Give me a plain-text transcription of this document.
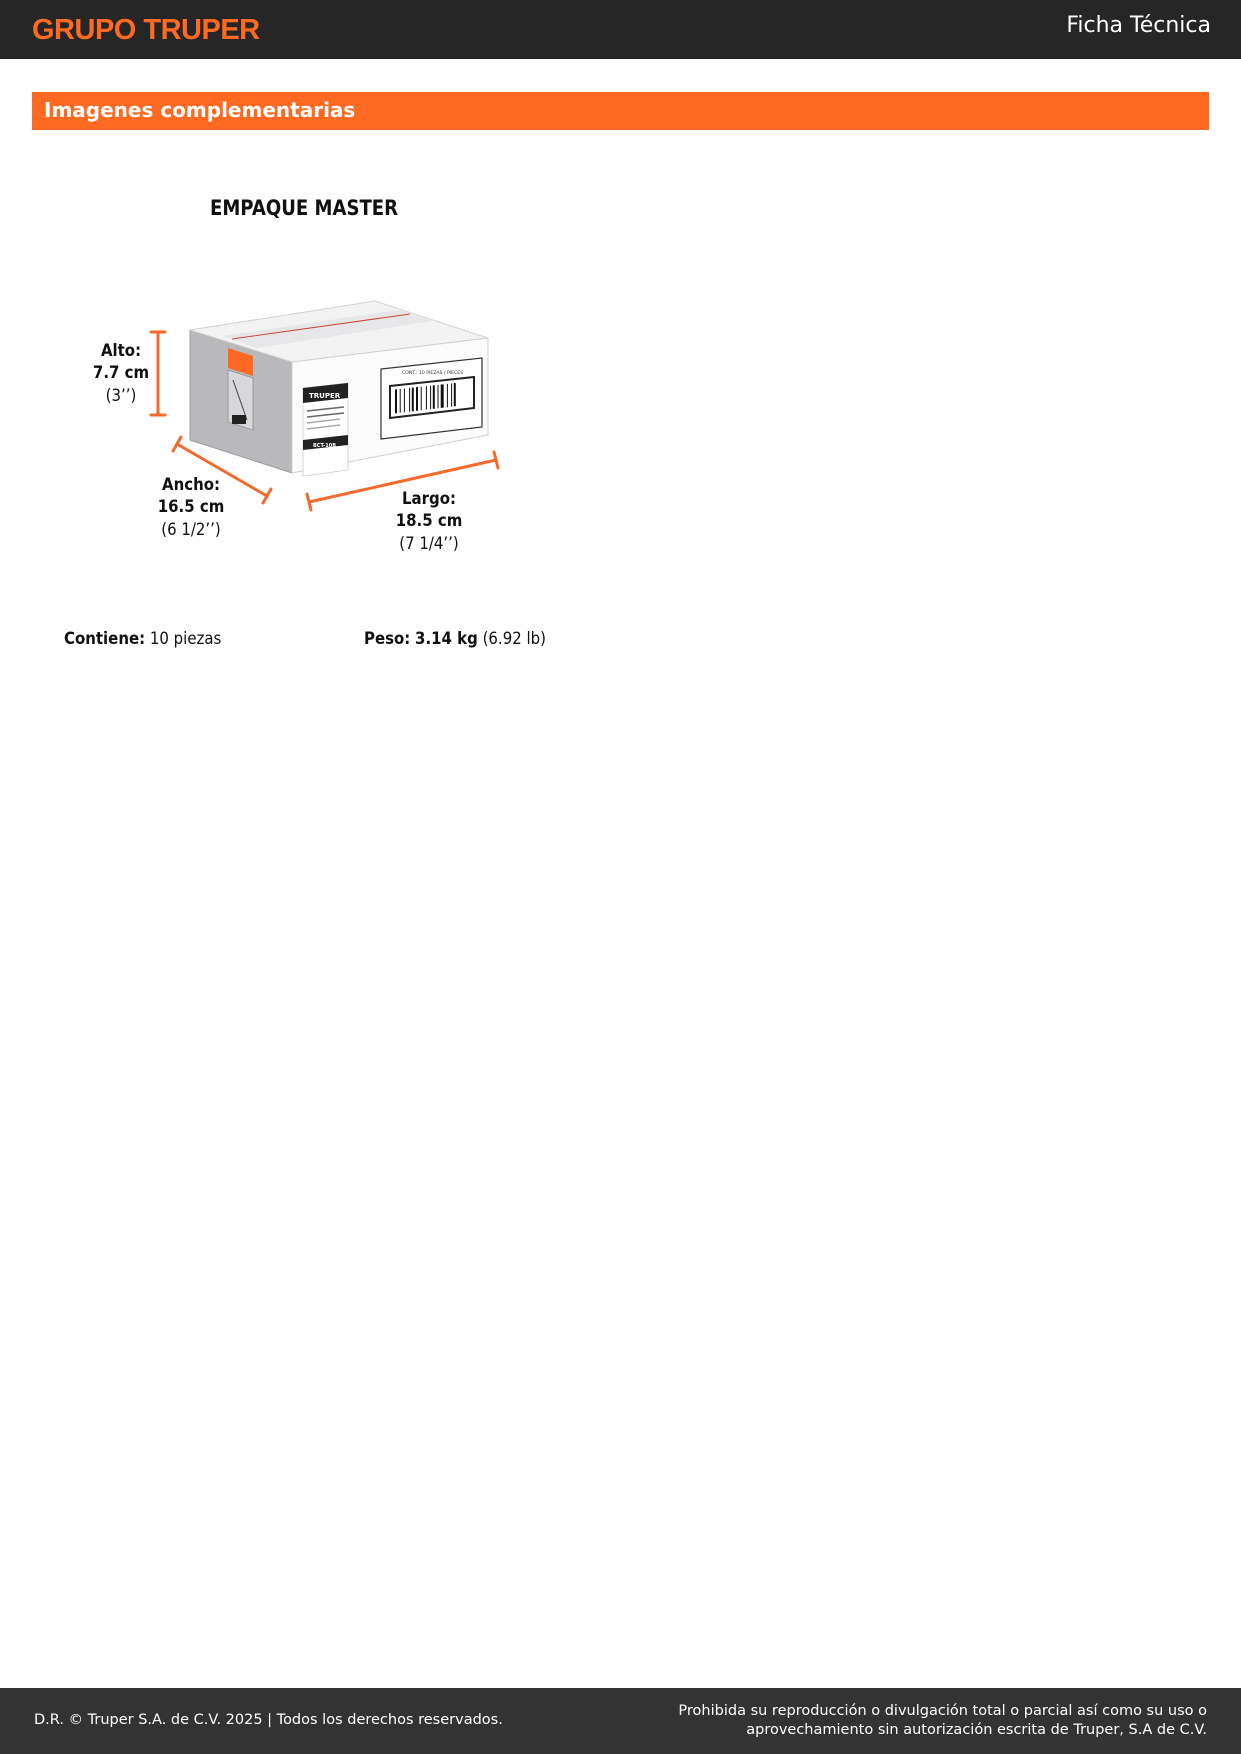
GRUPO TRUPER	Ficha Técnica
Imagenes complementarias
EMPAQUE MASTER
TRUPER
BCT-10B
CONT.: 10 PIEZAS / PIECES
Alto:
7.7 cm
(3’’)
Ancho:
16.5 cm
(6 1/2’’)
Largo:
18.5 cm
(7 1/4’’)
Contiene: 10 piezas	Peso: 3.14 kg (6.92 lb)
D.R. © Truper S.A. de C.V. 2025 | Todos los derechos reservados.
Prohibida su reproducción o divulgación total o parcial así como su uso o
aprovechamiento sin autorización escrita de Truper, S.A de C.V.
